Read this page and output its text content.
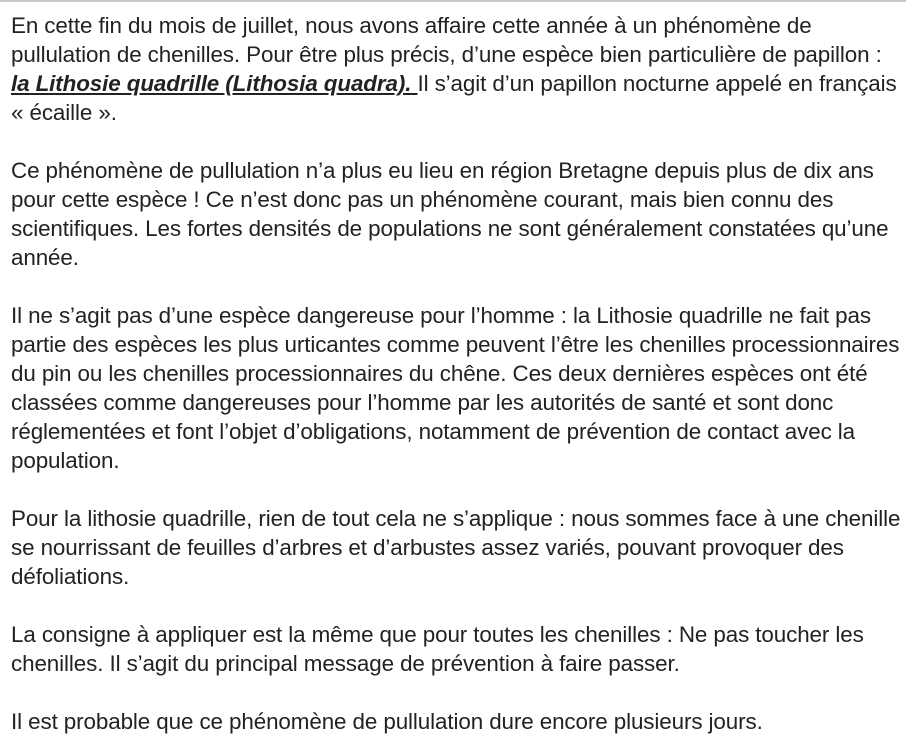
En cette fin du mois de juillet, nous avons affaire cette année à un phénomène de pullulation de chenilles. Pour être plus précis, d’une espèce bien particulière de papillon : la Lithosie quadrille (Lithosia quadra). Il s’agit d’un papillon nocturne appelé en français « écaille ».

Ce phénomène de pullulation n’a plus eu lieu en région Bretagne depuis plus de dix ans pour cette espèce ! Ce n’est donc pas un phénomène courant, mais bien connu des scientifiques. Les fortes densités de populations ne sont généralement constatées qu’une année.

Il ne s’agit pas d’une espèce dangereuse pour l’homme : la Lithosie quadrille ne fait pas partie des espèces les plus urticantes comme peuvent l’être les chenilles processionnaires du pin ou les chenilles processionnaires du chêne. Ces deux dernières espèces ont été classées comme dangereuses pour l’homme par les autorités de santé et sont donc réglementées et font l’objet d’obligations, notamment de prévention de contact avec la population.

Pour la lithosie quadrille, rien de tout cela ne s’applique : nous sommes face à une chenille se nourrissant de feuilles d’arbres et d’arbustes assez variés, pouvant provoquer des défoliations.

La consigne à appliquer est la même que pour toutes les chenilles : Ne pas toucher les chenilles. Il s’agit du principal message de prévention à faire passer.

Il est probable que ce phénomène de pullulation dure encore plusieurs jours.
